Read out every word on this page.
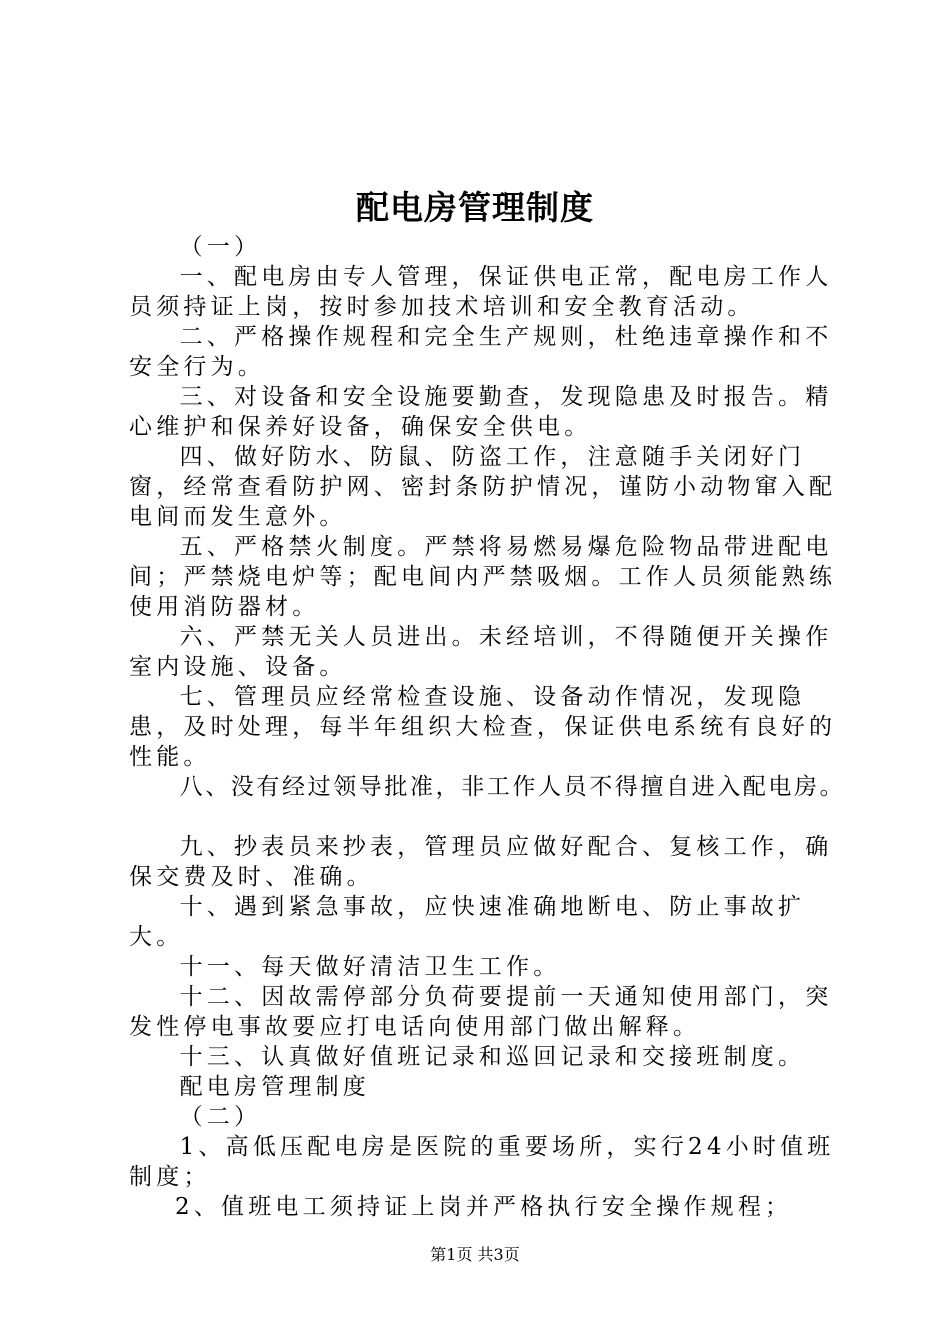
配电房管理制度

（一）

一、配电房由专人管理，保证供电正常，配电房工作人员须持证上岗，按时参加技术培训和安全教育活动。

二、严格操作规程和完全生产规则，杜绝违章操作和不安全行为。

三、对设备和安全设施要勤查，发现隐患及时报告。精心维护和保养好设备，确保安全供电。

四、做好防水、防鼠、防盗工作，注意随手关闭好门窗，经常查看防护网、密封条防护情况，谨防小动物窜入配电间而发生意外。

五、严格禁火制度。严禁将易燃易爆危险物品带进配电间；严禁烧电炉等；配电间内严禁吸烟。工作人员须能熟练使用消防器材。

六、严禁无关人员进出。未经培训，不得随便开关操作室内设施、设备。

七、管理员应经常检查设施、设备动作情况，发现隐患，及时处理，每半年组织大检查，保证供电系统有良好的性能。

八、没有经过领导批准，非工作人员不得擅自进入配电房。

九、抄表员来抄表，管理员应做好配合、复核工作，确保交费及时、准确。

十、遇到紧急事故，应快速准确地断电、防止事故扩大。

十一、每天做好清洁卫生工作。

十二、因故需停部分负荷要提前一天通知使用部门，突发性停电事故要应打电话向使用部门做出解释。

十三、认真做好值班记录和巡回记录和交接班制度。

配电房管理制度

（二）

1、高低压配电房是医院的重要场所，实行24小时值班制度；

2、值班电工须持证上岗并严格执行安全操作规程；

第1页 共3页
